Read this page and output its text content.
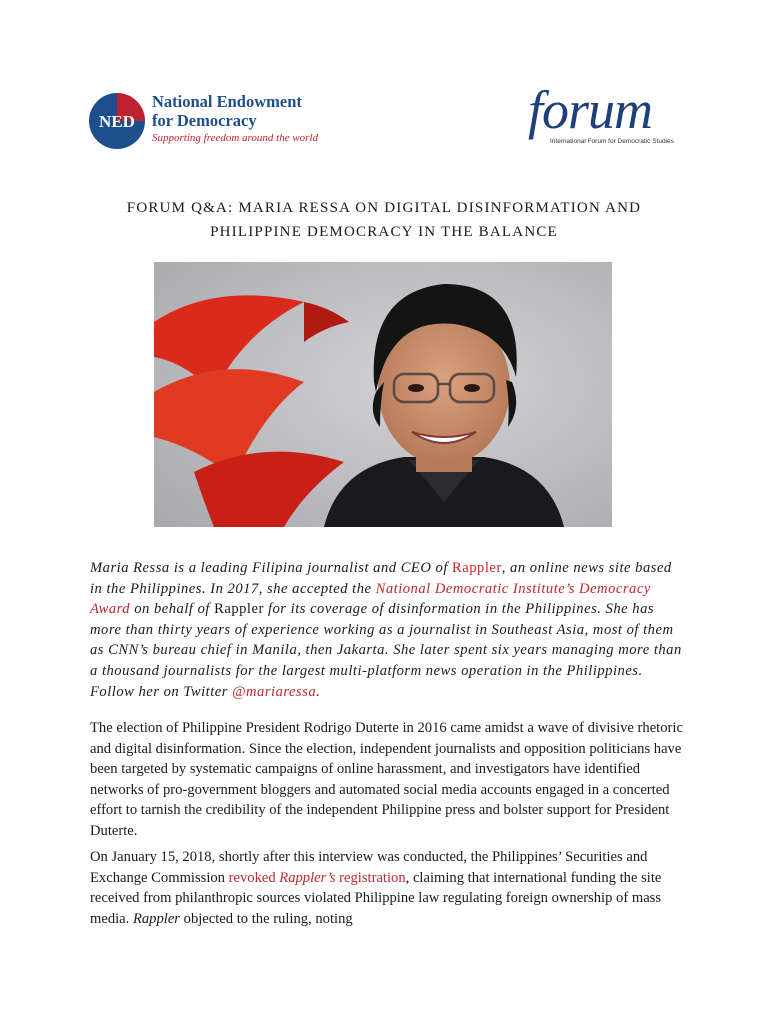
NED
National Endowment
for Democracy
Supporting freedom around the world	forum
International Forum for Democratic Studies
FORUM Q&A: MARIA RESSA ON DIGITAL DISINFORMATION AND
PHILIPPINE DEMOCRACY IN THE BALANCE

Maria Ressa is a leading Filipina journalist and CEO of Rappler, an online news site based in the Philippines. In 2017, she accepted the National Democratic Institute’s Democracy Award on behalf of Rappler for its coverage of disinformation in the Philippines. She has more than thirty years of experience working as a journalist in Southeast Asia, most of them as CNN’s bureau chief in Manila, then Jakarta. She later spent six years managing more than a thousand journalists for the largest multi-platform news operation in the Philippines. Follow her on Twitter @mariaressa.

The election of Philippine President Rodrigo Duterte in 2016 came amidst a wave of divisive rhetoric and digital disinformation. Since the election, independent journalists and opposition politicians have been targeted by systematic campaigns of online harassment, and investigators have identified networks of pro-government bloggers and automated social media accounts engaged in a concerted effort to tarnish the credibility of the independent Philippine press and bolster support for President Duterte.

On January 15, 2018, shortly after this interview was conducted, the Philippines’ Securities and Exchange Commission revoked Rappler’s registration, claiming that international funding the site received from philanthropic sources violated Philippine law regulating foreign ownership of mass media. Rappler objected to the ruling, noting
